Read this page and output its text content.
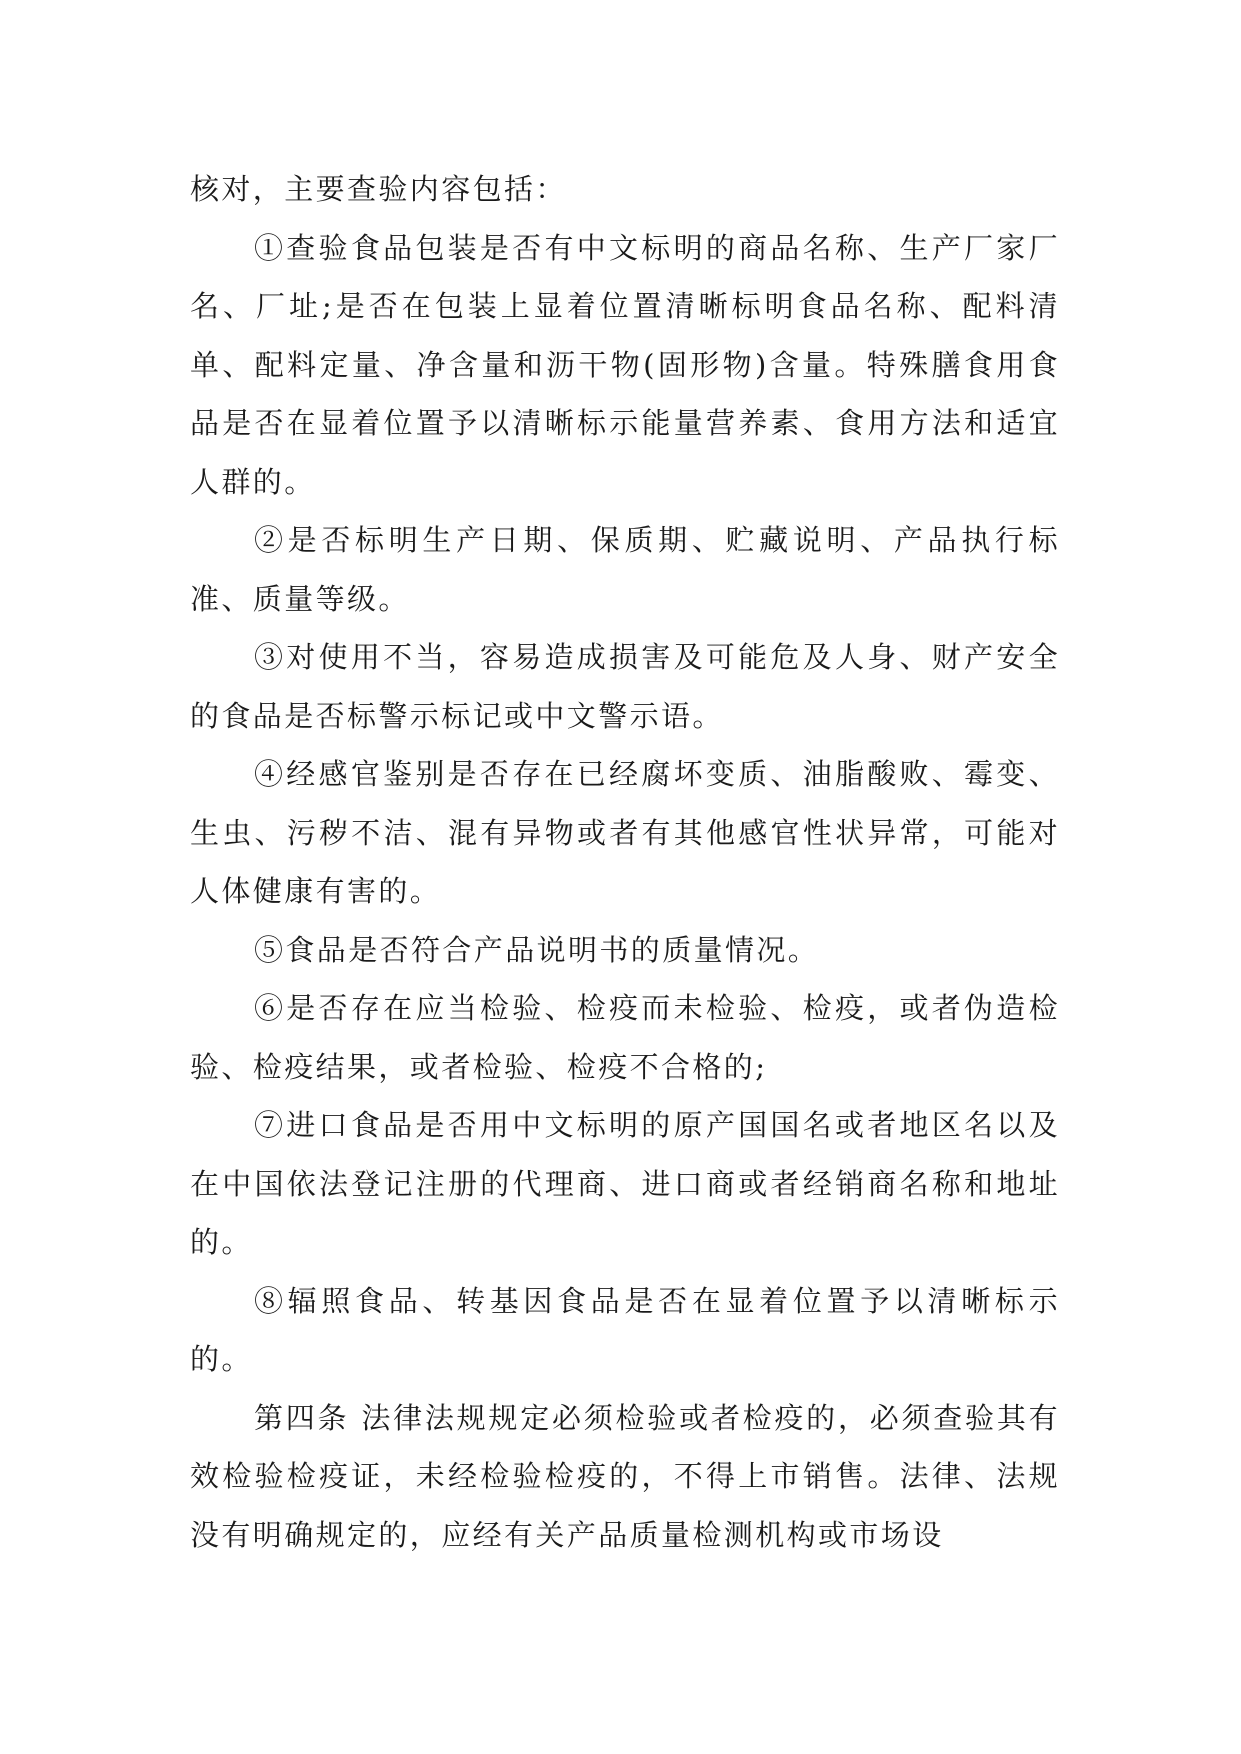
核对，主要查验内容包括：

①查验食品包装是否有中文标明的商品名称、生产厂家厂名、厂址;是否在包装上显着位置清晰标明食品名称、配料清单、配料定量、净含量和沥干物(固形物)含量。特殊膳食用食品是否在显着位置予以清晰标示能量营养素、食用方法和适宜人群的。

②是否标明生产日期、保质期、贮藏说明、产品执行标准、质量等级。

③对使用不当，容易造成损害及可能危及人身、财产安全的食品是否标警示标记或中文警示语。

④经感官鉴别是否存在已经腐坏变质、油脂酸败、霉变、生虫、污秽不洁、混有异物或者有其他感官性状异常，可能对人体健康有害的。

⑤食品是否符合产品说明书的质量情况。

⑥是否存在应当检验、检疫而未检验、检疫，或者伪造检验、检疫结果，或者检验、检疫不合格的;

⑦进口食品是否用中文标明的原产国国名或者地区名以及在中国依法登记注册的代理商、进口商或者经销商名称和地址的。

⑧辐照食品、转基因食品是否在显着位置予以清晰标示的。

第四条 法律法规规定必须检验或者检疫的，必须查验其有效检验检疫证，未经检验检疫的，不得上市销售。法律、法规没有明确规定的，应经有关产品质量检测机构或市场设
